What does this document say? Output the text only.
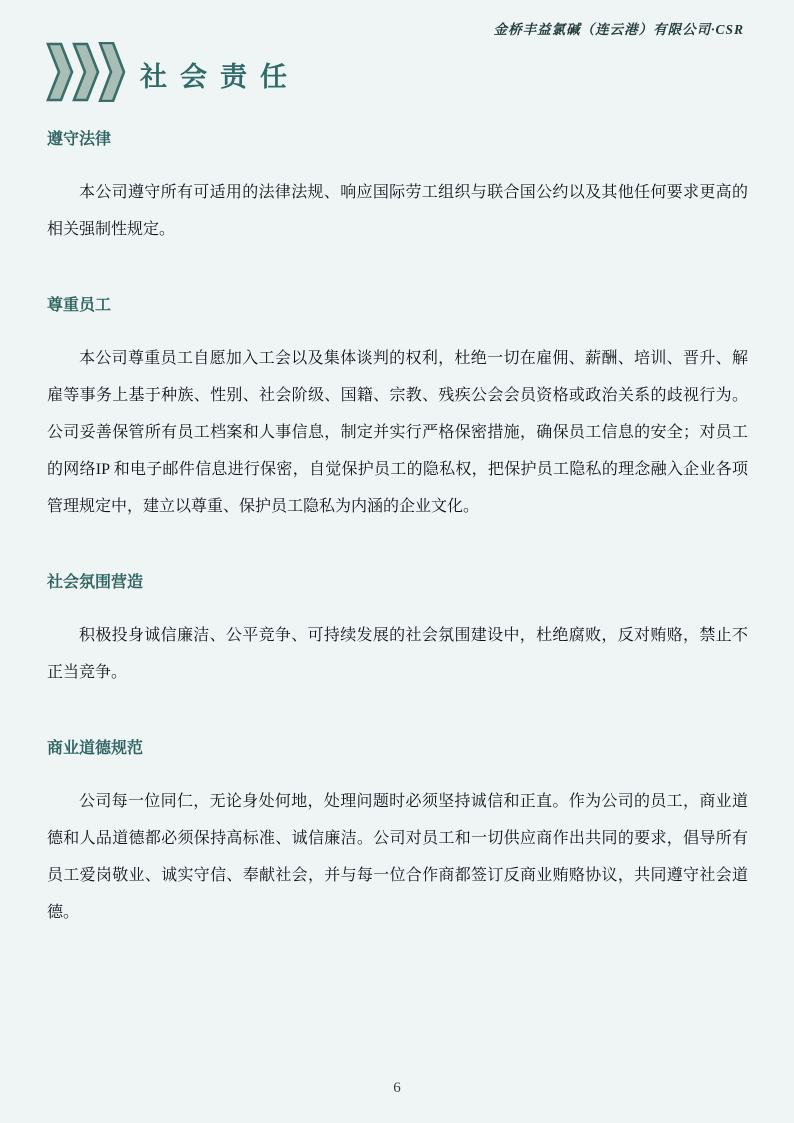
金桥丰益氯碱（连云港）有限公司·CSR
社会责任
遵守法律

本公司遵守所有可适用的法律法规、响应国际劳工组织与联合国公约以及其他任何要求更高的相关强制性规定。

尊重员工

本公司尊重员工自愿加入工会以及集体谈判的权利，杜绝一切在雇佣、薪酬、培训、晋升、解雇等事务上基于种族、性别、社会阶级、国籍、宗教、残疾公会会员资格或政治关系的歧视行为。公司妥善保管所有员工档案和人事信息，制定并实行严格保密措施，确保员工信息的安全；对员工的网络IP 和电子邮件信息进行保密，自觉保护员工的隐私权，把保护员工隐私的理念融入企业各项管理规定中，建立以尊重、保护员工隐私为内涵的企业文化。

社会氛围营造

积极投身诚信廉洁、公平竞争、可持续发展的社会氛围建设中，杜绝腐败，反对贿赂，禁止不正当竞争。

商业道德规范

公司每一位同仁，无论身处何地，处理问题时必须坚持诚信和正直。作为公司的员工，商业道德和人品道德都必须保持高标准、诚信廉洁。公司对员工和一切供应商作出共同的要求，倡导所有员工爱岗敬业、诚实守信、奉献社会，并与每一位合作商都签订反商业贿赂协议，共同遵守社会道德。

6
